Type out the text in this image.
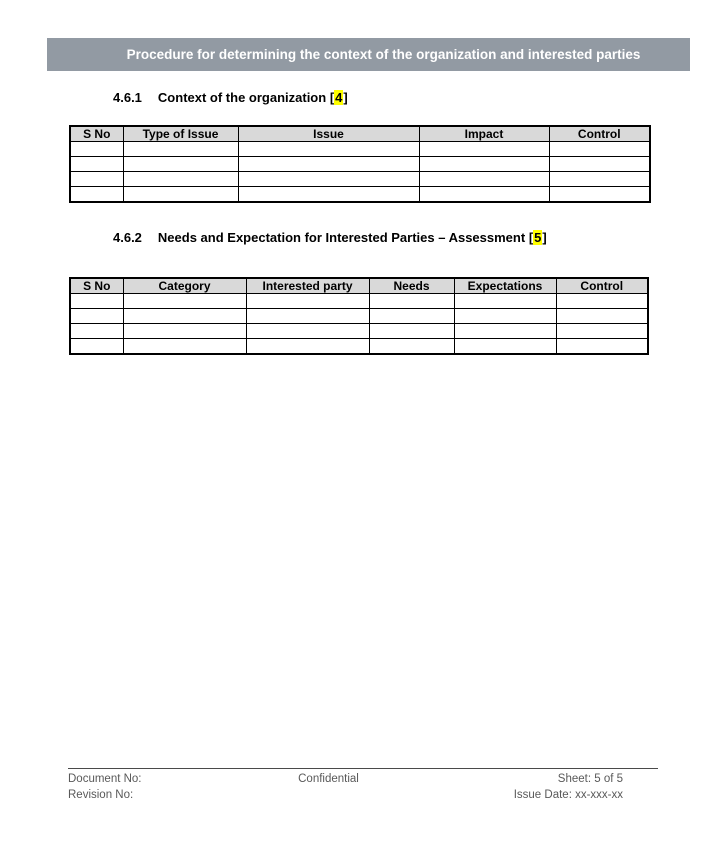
Procedure for determining the context of the organization and interested parties
4.6.1 Context of the organization [4]
S No	Type of Issue	Issue	Impact	Control

4.6.2 Needs and Expectation for Interested Parties – Assessment [5]
S No	Category	Interested party	Needs	Expectations	Control

Document No:
Revision No:
Confidential	Sheet: 5 of 5
Issue Date: xx-xxx-xx
